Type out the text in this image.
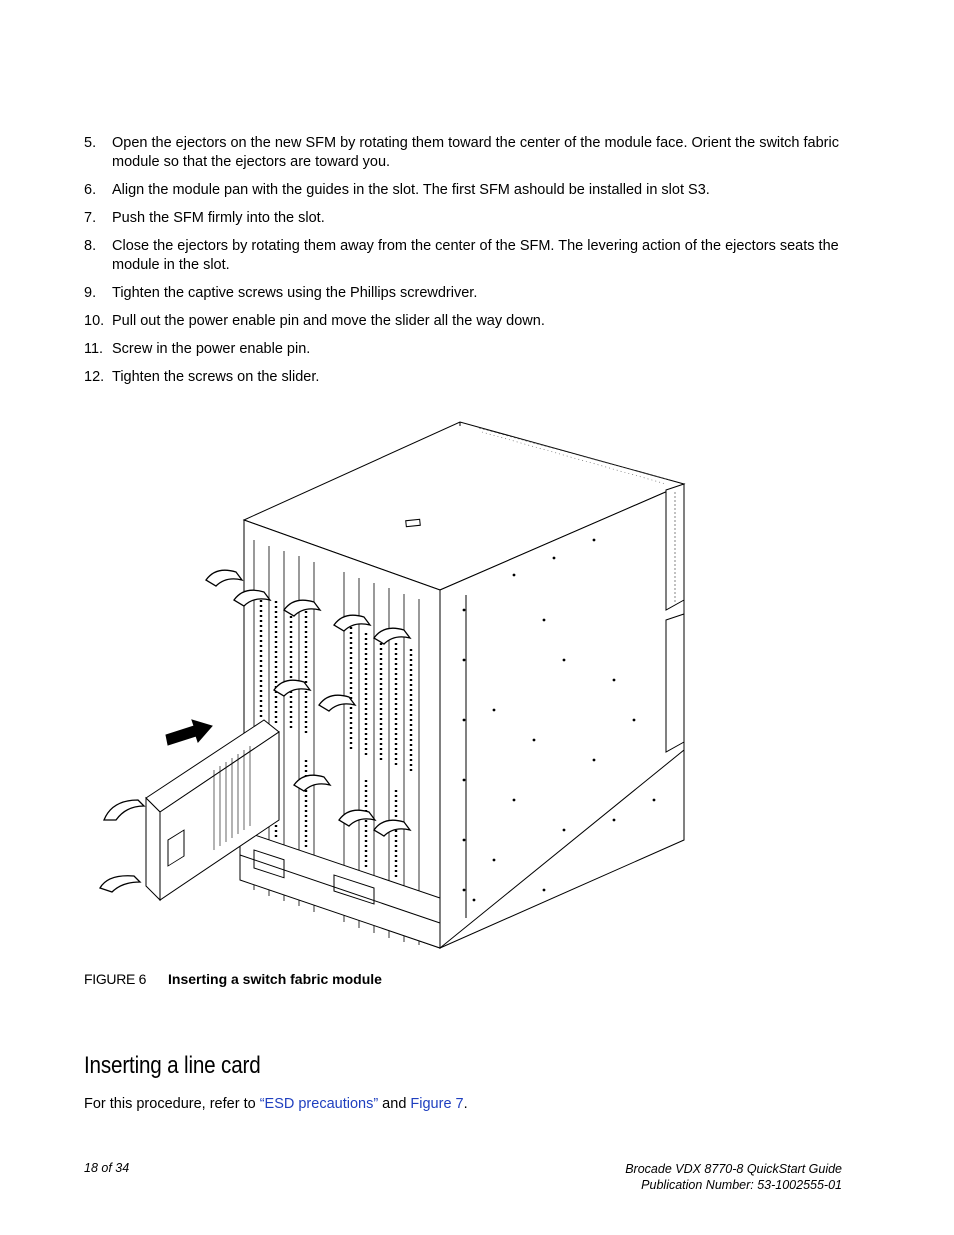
5. Open the ejectors on the new SFM by rotating them toward the center of the module face. Orient the switch fabric module so that the ejectors are toward you.
6. Align the module pan with the guides in the slot. The first SFM ashould be installed in slot S3.
7. Push the SFM firmly into the slot.
8. Close the ejectors by rotating them away from the center of the SFM. The levering action of the ejectors seats the module in the slot.
9. Tighten the captive screws using the Phillips screwdriver.
10. Pull out the power enable pin and move the slider all the way down.
11. Screw in the power enable pin.
12. Tighten the screws on the slider.
FIGURE 6 Inserting a switch fabric module
Inserting a line card

For this procedure, refer to “ESD precautions” and Figure 7.

18 of 34	Brocade VDX 8770-8 QuickStart Guide
Publication Number: 53-1002555-01
